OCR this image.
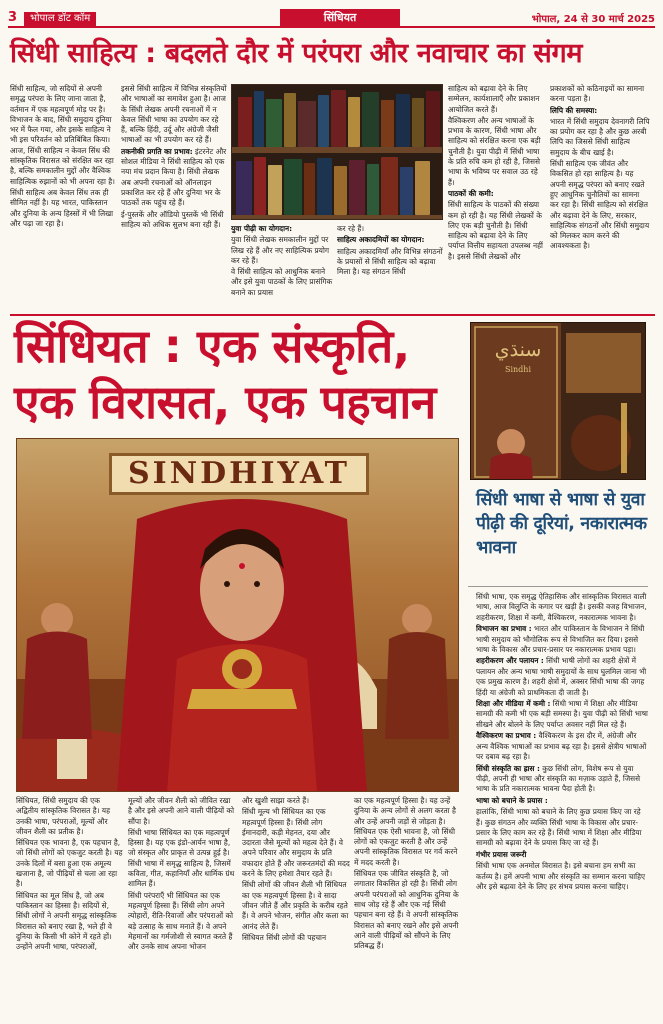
3	भोपाल डॉट कॉम	सिंधियत	भोपाल, 24 से 30 मार्च 2025
सिंधी साहित्य : बदलते दौर में परंपरा और नवाचार का संगम

सिंधी साहित्य, जो सदियों से अपनी समृद्ध परंपरा के लिए जाना जाता है, वर्तमान में एक महत्वपूर्ण मोड़ पर है। विभाजन के बाद, सिंधी समुदाय दुनिया भर में फैल गया, और इसके साहित्य ने भी इस परिवर्तन को प्रतिबिंबित किया। आज, सिंधी साहित्य न केवल सिंध की सांस्कृतिक विरासत को संरक्षित कर रहा है, बल्कि समकालीन मुद्दों और वैश्विक साहित्यिक रुझानों को भी अपना रहा है।

सिंधी साहित्य अब केवल सिंध तक ही सीमित नहीं है। यह भारत, पाकिस्तान और दुनिया के अन्य हिस्सों में भी लिखा और पढ़ा जा रहा है।

इससे सिंधी साहित्य में विभिन्न संस्कृतियों और भाषाओं का समावेश हुआ है। आज के सिंधी लेखक अपनी रचनाओं में न केवल सिंधी भाषा का उपयोग कर रहे हैं, बल्कि हिंदी, उर्दू और अंग्रेजी जैसी भाषाओं का भी उपयोग कर रहे हैं।

तकनीकी प्रगति का प्रभाव: इंटरनेट और सोशल मीडिया ने सिंधी साहित्य को एक नया मंच प्रदान किया है। सिंधी लेखक अब अपनी रचनाओं को ऑनलाइन प्रकाशित कर रहे हैं और दुनिया भर के पाठकों तक पहुंच रहे हैं।

ई-पुस्तकें और ऑडियो पुस्तकें भी सिंधी साहित्य को अधिक सुलभ बना रही हैं।	युवा पीढ़ी का योगदान:

युवा सिंधी लेखक समकालीन मुद्दों पर लिख रहे हैं और नए साहित्यिक प्रयोग कर रहे हैं।

वे सिंधी साहित्य को आधुनिक बनाने और इसे युवा पाठकों के लिए प्रासंगिक बनाने का प्रयास

कर रहे हैं।

साहित्य अकादमियों का योगदान:

साहित्य अकादमियाँ और विभिन्न संगठनों के प्रयासों से सिंधी साहित्य को बढ़ावा मिला है। यह संगठन सिंधी

साहित्य को बढ़ावा देने के लिए सम्मेलन, कार्यशालाएँ और प्रकाशन आयोजित करते हैं।

वैश्विकरण और अन्य भाषाओं के प्रभाव के कारण, सिंधी भाषा और साहित्य को संरक्षित करना एक बड़ी चुनौती है। युवा पीढ़ी में सिंधी भाषा के प्रति रुचि कम हो रही है, जिससे भाषा के भविष्य पर सवाल उठ रहे हैं।

पाठकों की कमी:

सिंधी साहित्य के पाठकों की संख्या कम हो रही है। यह सिंधी लेखकों के लिए एक बड़ी चुनौती है। सिंधी साहित्य को बढ़ावा देने के लिए पर्याप्त वित्तीय सहायता उपलब्ध नहीं है। इससे सिंधी लेखकों और

प्रकाशकों को कठिनाइयों का सामना करना पड़ता है।

लिपि की समस्या:

भारत में सिंधी समुदाय देवनागरी लिपि का प्रयोग कर रहा है और कुछ अरबी लिपि का जिससे सिंधी साहित्य समुदाय के बीच खाई है।

सिंधी साहित्य एक जीवंत और विकसित हो रहा साहित्य है। यह अपनी समृद्ध परंपरा को बनाए रखते हुए आधुनिक चुनौतियों का सामना कर रहा है। सिंधी साहित्य को संरक्षित और बढ़ावा देने के लिए, सरकार, साहित्यिक संगठनों और सिंधी समुदाय को मिलकर काम करने की आवश्यकता है।

सिंधियत : एक संस्कृति,
एक विरासत, एक पहचान
SINDHIYAT

सिंधियत, सिंधी समुदाय की एक अद्वितीय सांस्कृतिक विरासत है। यह उनकी भाषा, परंपराओं, मूल्यों और जीवन शैली का प्रतीक है।

सिंधियत एक भावना है, एक पहचान है, जो सिंधी लोगों को एकजुट करती है। यह उनके दिलों में बसा हुआ एक अमूल्य खजाना है, जो पीढ़ियों से चला आ रहा है।

सिंधियत का मूल सिंध है, जो अब पाकिस्तान का हिस्सा है। सदियों से, सिंधी लोगों ने अपनी समृद्ध सांस्कृतिक विरासत को बनाए रखा है, भले ही वे दुनिया के किसी भी कोने में रहते हों। उन्होंने अपनी भाषा, परंपराओं,

मूल्यों और जीवन शैली को जीवित रखा है और इसे अपनी आने वाली पीढ़ियों को सौंपा है।

सिंधी भाषा सिंधियत का एक महत्वपूर्ण हिस्सा है। यह एक इंडो-आर्यन भाषा है, जो संस्कृत और प्राकृत से उत्पन्न हुई है। सिंधी भाषा में समृद्ध साहित्य है, जिसमें कविता, गीत, कहानियाँ और धार्मिक ग्रंथ शामिल हैं।

सिंधी परंपराएँ भी सिंधियत का एक महत्वपूर्ण हिस्सा हैं। सिंधी लोग अपने त्योहारों, रीति-रिवाजों और परंपराओं को बड़े उत्साह के साथ मनाते हैं। वे अपने मेहमानों का गर्मजोशी से स्वागत करते हैं और उनके साथ अपना भोजन

और खुशी साझा करते हैं।

सिंधी मूल्य भी सिंधियत का एक महत्वपूर्ण हिस्सा हैं। सिंधी लोग ईमानदारी, कड़ी मेहनत, दया और उदारता जैसे मूल्यों को महत्व देते हैं। वे अपने परिवार और समुदाय के प्रति वफादार होते हैं और जरूरतमंदों की मदद करने के लिए हमेशा तैयार रहते हैं।

सिंधी लोगों की जीवन शैली भी सिंधियत का एक महत्वपूर्ण हिस्सा है। वे सादा जीवन जीते हैं और प्रकृति के करीब रहते हैं। वे अपने भोजन, संगीत और कला का आनंद लेते हैं।

सिंधियत सिंधी लोगों की पहचान

का एक महत्वपूर्ण हिस्सा है। यह उन्हें दुनिया के अन्य लोगों से अलग करता है और उन्हें अपनी जड़ों से जोड़ता है। सिंधियत एक ऐसी भावना है, जो सिंधी लोगों को एकजुट करती है और उन्हें अपनी सांस्कृतिक विरासत पर गर्व करने में मदद करती है।

सिंधियत एक जीवित संस्कृति है, जो लगातार विकसित हो रही है। सिंधी लोग अपनी परंपराओं को आधुनिक दुनिया के साथ जोड़ रहे हैं और एक नई सिंधी पहचान बना रहे हैं। वे अपनी सांस्कृतिक विरासत को बनाए रखने और इसे अपनी आने वाली पीढ़ियों को सौंपने के लिए प्रतिबद्ध हैं।

سنڌي
Sindhi
सिंधी भाषा से भाषा से युवा पीढ़ी की दूरियां, नकारात्मक भावना

सिंधी भाषा, एक समृद्ध ऐतिहासिक और सांस्कृतिक विरासत वाली भाषा, आज विलुप्ति के कगार पर खड़ी है। इसकी वजह विभाजन, शहरीकरण, शिक्षा में कमी, वैश्विकरण, नकारात्मक भावना है।

विभाजन का प्रभाव : भारत और पाकिस्तान के विभाजन ने सिंधी भाषी समुदाय को भौगोलिक रूप से विभाजित कर दिया। इससे भाषा के विकास और प्रचार-प्रसार पर नकारात्मक प्रभाव पड़ा।

शहरीकरण और पलायन : सिंधी भाषी लोगों का शहरी क्षेत्रों में पलायन और अन्य भाषा भाषी समुदायों के साथ घुलमिल जाना भी एक प्रमुख कारण है। शहरी क्षेत्रों में, अक्सर सिंधी भाषा की जगह हिंदी या अंग्रेजी को प्राथमिकता दी जाती है।

शिक्षा और मीडिया में कमी : सिंधी भाषा में शिक्षा और मीडिया सामग्री की कमी भी एक बड़ी समस्या है। युवा पीढ़ी को सिंधी भाषा सीखने और बोलने के लिए पर्याप्त अवसर नहीं मिल रहे हैं।

वैश्विकरण का प्रभाव : वैश्विकरण के इस दौर में, अंग्रेजी और अन्य वैश्विक भाषाओं का प्रभाव बढ़ रहा है। इससे क्षेत्रीय भाषाओं पर दबाव बढ़ रहा है।

सिंधी संस्कृति का ह्रास : कुछ सिंधी लोग, विशेष रूप से युवा पीढ़ी, अपनी ही भाषा और संस्कृति का मज़ाक उड़ाते हैं, जिससे भाषा के प्रति नकारात्मक भावना पैदा होती है।

भाषा को बचाने के प्रयास :

हालांकि, सिंधी भाषा को बचाने के लिए कुछ प्रयास किए जा रहे हैं। कुछ संगठन और व्यक्ति सिंधी भाषा के विकास और प्रचार-प्रसार के लिए काम कर रहे हैं। सिंधी भाषा में शिक्षा और मीडिया सामग्री को बढ़ावा देने के प्रयास किए जा रहे हैं।

गंभीर प्रयास जरूरी

सिंधी भाषा एक अनमोल विरासत है। इसे बचाना हम सभी का कर्तव्य है। हमें अपनी भाषा और संस्कृति का सम्मान करना चाहिए और इसे बढ़ावा देने के लिए हर संभव प्रयास करना चाहिए।
